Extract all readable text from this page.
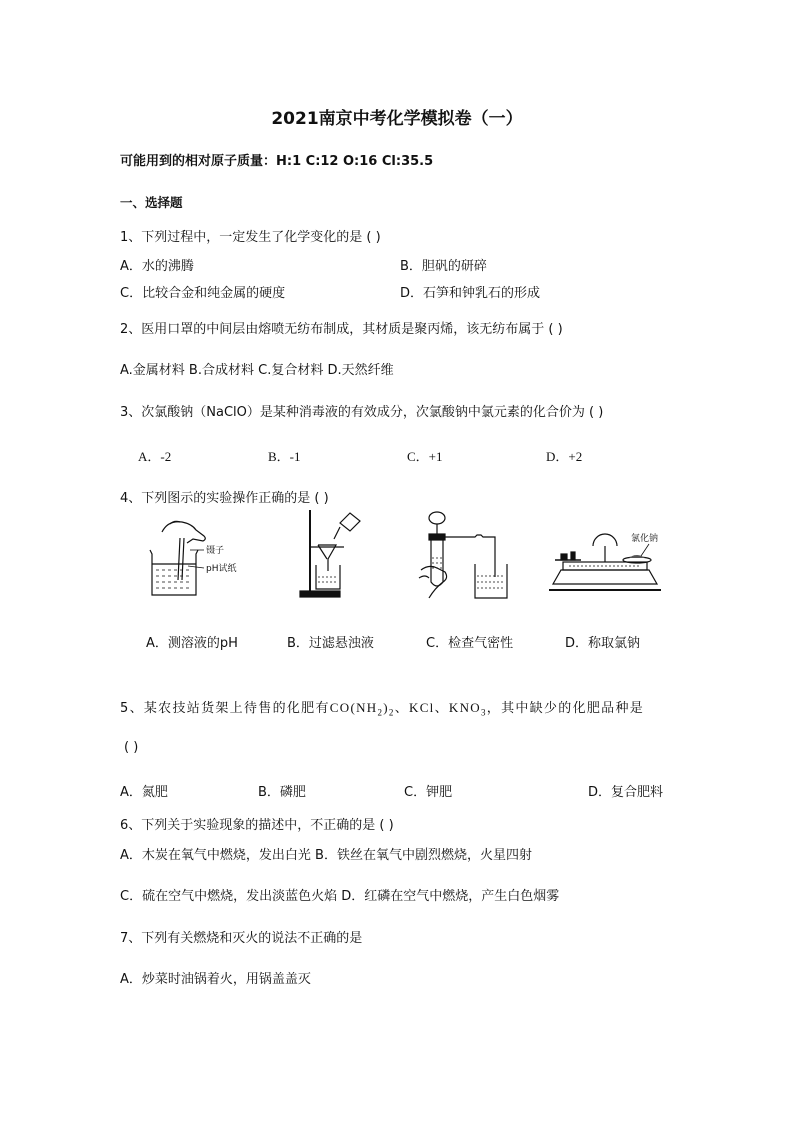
2021南京中考化学模拟卷（一）
可能用到的相对原子质量：H:1 C:12 O:16 Cl:35.5
一、选择题
1、下列过程中，一定发生了化学变化的是 ( )
A．水的沸腾	B．胆矾的研碎
C．比较合金和纯金属的硬度	D．石笋和钟乳石的形成
2、医用口罩的中间层由熔喷无纺布制成，其材质是聚丙烯，该无纺布属于 ( )
A.金属材料 B.合成材料 C.复合材料 D.天然纤维
3、次氯酸钠（NaClO）是某种消毒液的有效成分，次氯酸钠中氯元素的化合价为 ( )
A．-2	B．-1	C．+1	D．+2
4、下列图示的实验操作正确的是 ( )
镊子
pH试纸
氯化钠
A．测溶液的pH	B．过滤悬浊液	C．检查气密性	D．称取氯钠
5、某农技站货架上待售的化肥有$CO(NH_2)_2$、KCl、$KNO_3$，其中缺少的化肥品种是
( )
A．氮肥	B．磷肥	C．钾肥	D．复合肥料
6、下列关于实验现象的描述中，不正确的是 ( )
A．木炭在氧气中燃烧，发出白光 B．铁丝在氧气中剧烈燃烧，火星四射
C．硫在空气中燃烧，发出淡蓝色火焰 D．红磷在空气中燃烧，产生白色烟雾
7、下列有关燃烧和灭火的说法不正确的是
A．炒菜时油锅着火，用锅盖盖灭
